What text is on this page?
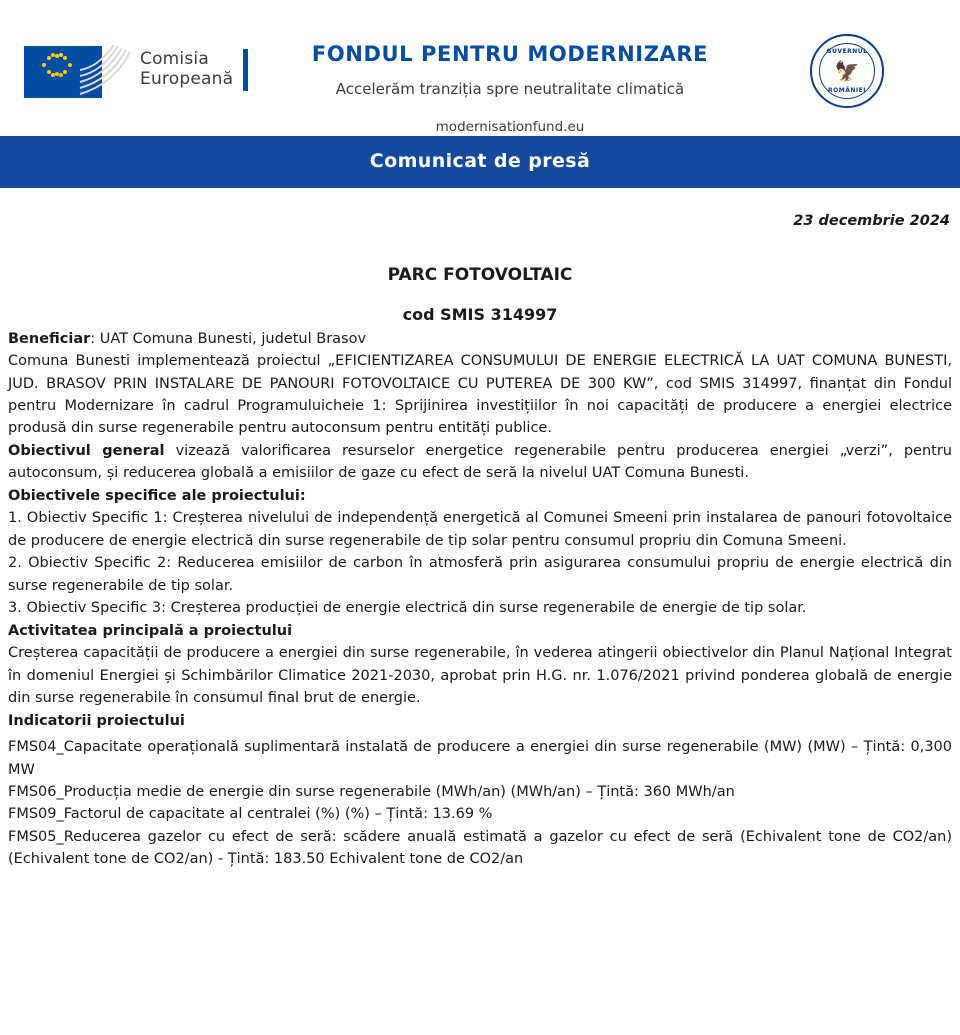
Comisia
Europeană
FONDUL PENTRU MODERNIZARE
Accelerăm tranziția spre neutralitate climatică
modernisationfund.eu
GUVERNUL
🦅
ROMÂNIEI
Comunicat de presă
23 decembrie 2024
PARC FOTOVOLTAIC
cod SMIS 314997

Beneficiar: UAT Comuna Bunesti, judetul Brasov

Comuna Bunesti implementează proiectul „EFICIENTIZAREA CONSUMULUI DE ENERGIE ELECTRICĂ LA UAT COMUNA BUNESTI, JUD. BRASOV PRIN INSTALARE DE PANOURI FOTOVOLTAICE CU PUTEREA DE 300 KW”, cod SMIS 314997, finanțat din Fondul pentru Modernizare în cadrul Programuluicheie 1: Sprijinirea investițiilor în noi capacități de producere a energiei electrice produsă din surse regenerabile pentru autoconsum pentru entități publice.

Obiectivul general vizează valorificarea resurselor energetice regenerabile pentru producerea energiei „verzi”, pentru autoconsum, și reducerea globală a emisiilor de gaze cu efect de seră la nivelul UAT Comuna Bunesti.

Obiectivele specifice ale proiectului:

1. Obiectiv Specific 1: Creșterea nivelului de independență energetică al Comunei Smeeni prin instalarea de panouri fotovoltaice de producere de energie electrică din surse regenerabile de tip solar pentru consumul propriu din Comuna Smeeni.

2. Obiectiv Specific 2: Reducerea emisiilor de carbon în atmosferă prin asigurarea consumului propriu de energie electrică din surse regenerabile de tip solar.

3. Obiectiv Specific 3: Creșterea producției de energie electrică din surse regenerabile de energie de tip solar.

Activitatea principală a proiectului

Creșterea capacității de producere a energiei din surse regenerabile, în vederea atingerii obiectivelor din Planul Național Integrat în domeniul Energiei și Schimbărilor Climatice 2021-2030, aprobat prin H.G. nr. 1.076/2021 privind ponderea globală de energie din surse regenerabile în consumul final brut de energie.

Indicatorii proiectului

FMS04_Capacitate operațională suplimentară instalată de producere a energiei din surse regenerabile (MW) (MW) – Țintă: 0,300 MW

FMS06_Producția medie de energie din surse regenerabile (MWh/an) (MWh/an) – Țintă: 360 MWh/an

FMS09_Factorul de capacitate al centralei (%) (%) – Țintă: 13.69 %

FMS05_Reducerea gazelor cu efect de seră: scădere anuală estimată a gazelor cu efect de seră (Echivalent tone de CO2/an) (Echivalent tone de CO2/an) - Țintă: 183.50 Echivalent tone de CO2/an
